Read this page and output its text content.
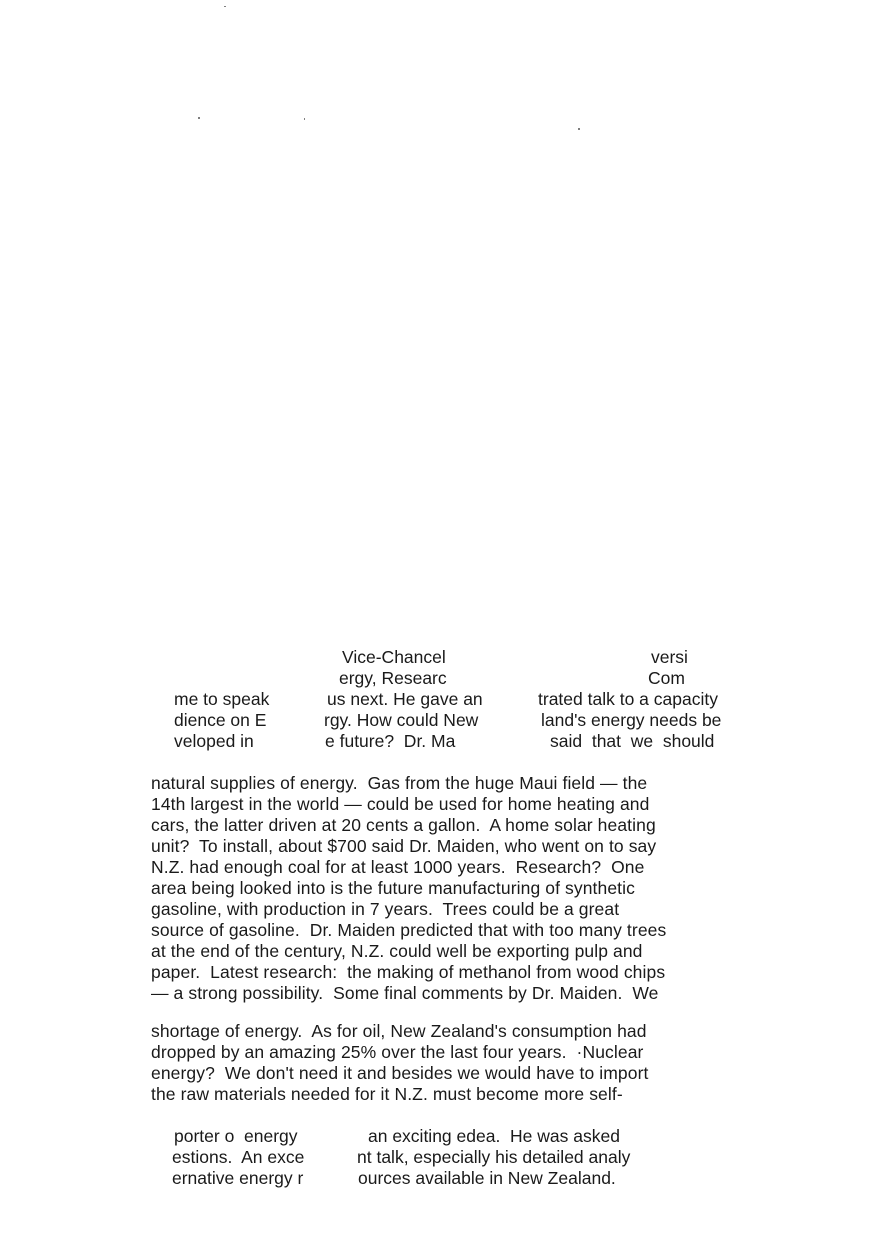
Vice-Chancel	versi
ergy, Researc	Com
me to speak	us next. He gave an	trated talk to a capacity
dience on E	rgy. How could New	land's energy needs be
veloped in	e future?  Dr. Ma	said  that  we  should
natural supplies of energy.  Gas from the huge Maui field — the
14th largest in the world — could be used for home heating and
cars, the latter driven at 20 cents a gallon.  A home solar heating
unit?  To install, about $700 said Dr. Maiden, who went on to say
N.Z. had enough coal for at least 1000 years.  Research?  One
area being looked into is the future manufacturing of synthetic
gasoline, with production in 7 years.  Trees could be a great
source of gasoline.  Dr. Maiden predicted that with too many trees
at the end of the century, N.Z. could well be exporting pulp and
paper.  Latest research:  the making of methanol from wood chips
— a strong possibility.  Some final comments by Dr. Maiden.  We
shortage of energy.  As for oil, New Zealand's consumption had
dropped by an amazing 25% over the last four years.  ·Nuclear
energy?  We don't need it and besides we would have to import
the raw materials needed for it N.Z. must become more self-
porter o  energy	an exciting edea.  He was asked
estions.  An exce	nt talk, especially his detailed analy
ernative energy r	ources available in New Zealand.
